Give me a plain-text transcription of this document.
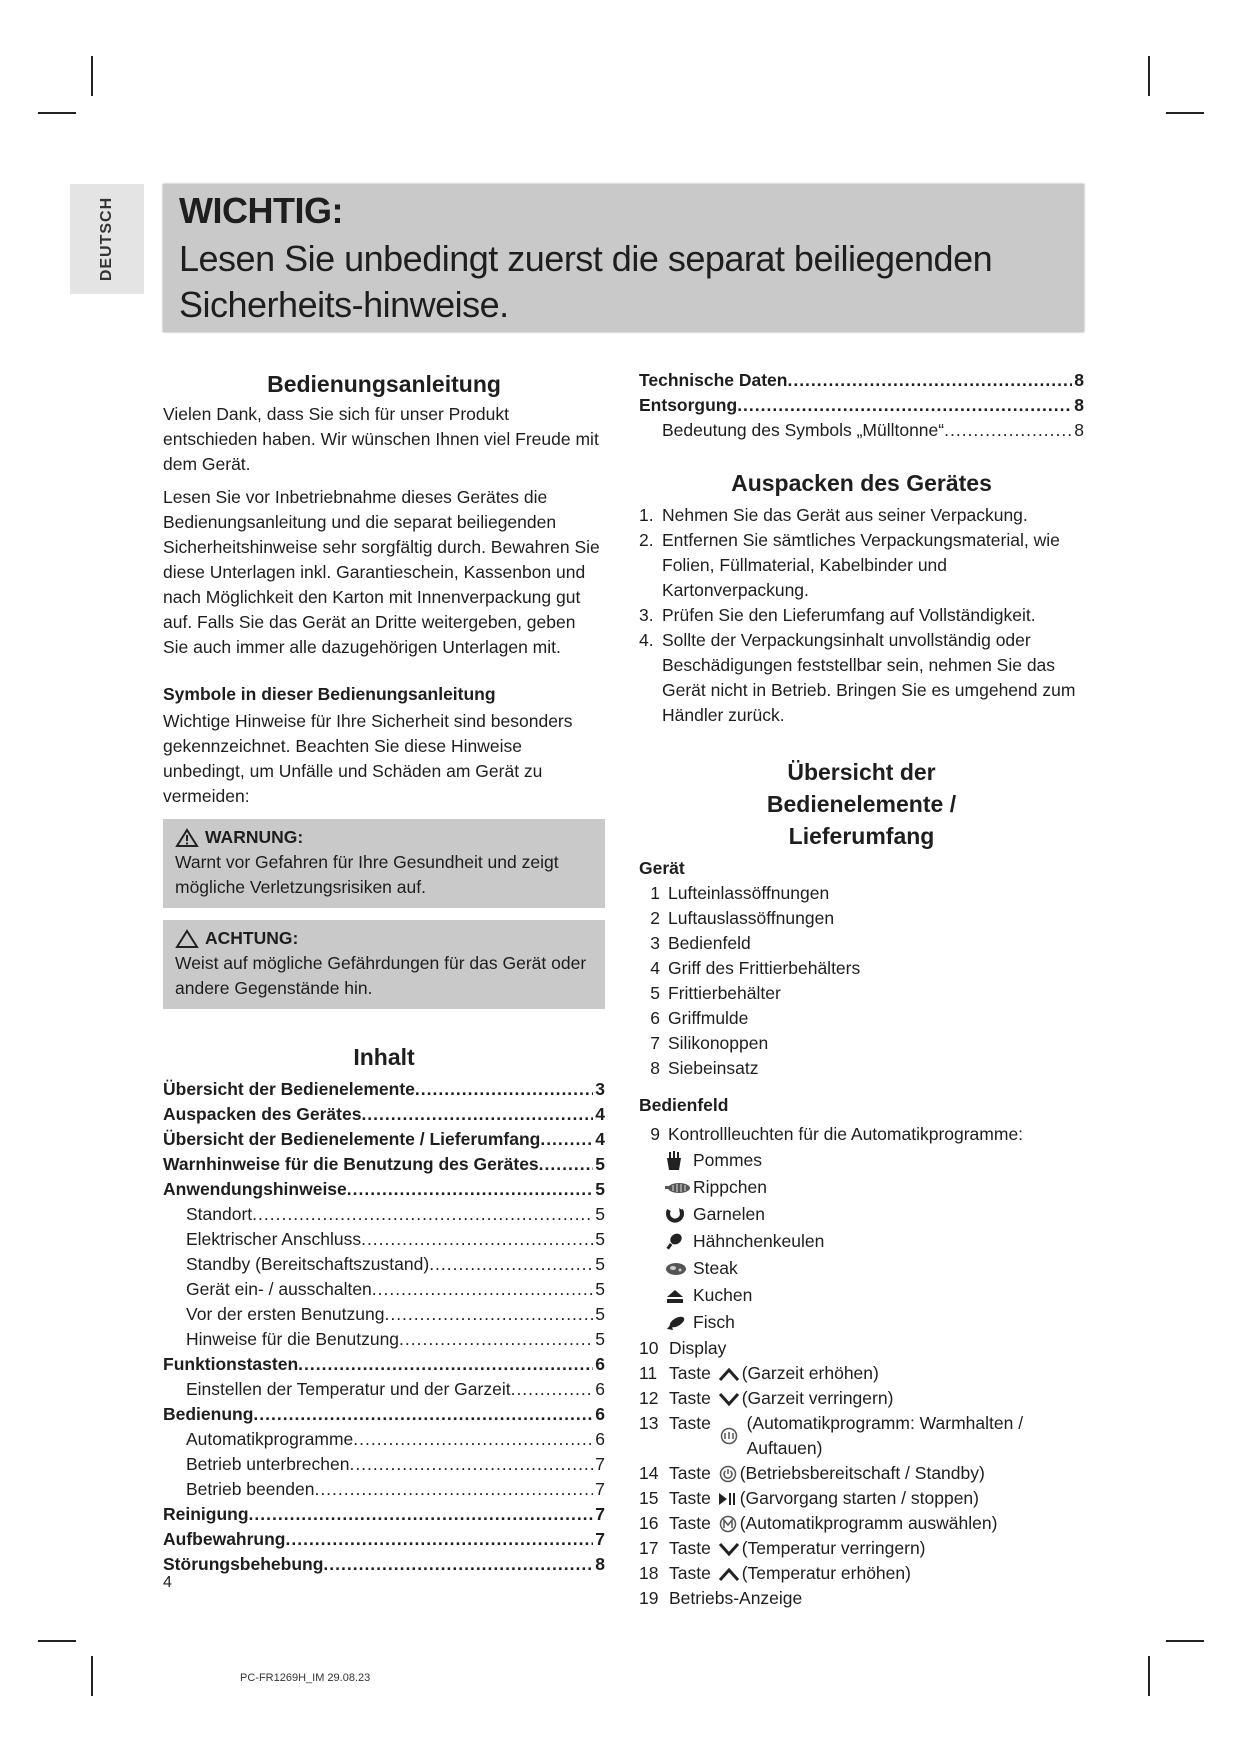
DEUTSCH WICHTIG:
Lesen Sie unbedingt zuerst die separat beiliegenden Sicherheits-hinweise.
Bedienungsanleitung

Vielen Dank, dass Sie sich für unser Produkt entschieden haben. Wir wünschen Ihnen viel Freude mit dem Gerät.

Lesen Sie vor Inbetriebnahme dieses Gerätes die Bedienungsanleitung und die separat beiliegenden Sicherheitshinweise sehr sorgfältig durch. Bewahren Sie diese Unterlagen inkl. Garantieschein, Kassenbon und nach Möglichkeit den Karton mit Innenverpackung gut auf. Falls Sie das Gerät an Dritte weitergeben, geben Sie auch immer alle dazugehörigen Unterlagen mit.

Symbole in dieser Bedienungsanleitung

Wichtige Hinweise für Ihre Sicherheit sind besonders gekennzeichnet. Beachten Sie diese Hinweise unbedingt, um Unfälle und Schäden am Gerät zu vermeiden:

WARNUNG:

Warnt vor Gefahren für Ihre Gesundheit und zeigt mögliche Verletzungsrisiken auf.

ACHTUNG:

Weist auf mögliche Gefährdungen für das Gerät oder andere Gegenstände hin.

Inhalt
Übersicht der Bedienelemente .....	3
Auspacken des Gerätes .....	4
Übersicht der Bedienelemente / Lieferumfang .....	4
Warnhinweise für die Benutzung des Gerätes .....	5
Anwendungshinweise .....	5
Standort .....	5
Elektrischer Anschluss .....	5
Standby (Bereitschaftszustand) .....	5
Gerät ein- / ausschalten .....	5
Vor der ersten Benutzung .....	5
Hinweise für die Benutzung .....	5
Funktionstasten .....	6
Einstellen der Temperatur und der Garzeit .....	6
Bedienung .....	6
Automatikprogramme .....	6
Betrieb unterbrechen .....	7
Betrieb beenden .....	7
Reinigung .....	7
Aufbewahrung .....	7
Störungsbehebung .....	8
Technische Daten .....	8
Entsorgung .....	8
Bedeutung des Symbols „Mülltonne“ .....	8
Auspacken des Gerätes
1. Nehmen Sie das Gerät aus seiner Verpackung.
2. Entfernen Sie sämtliches Verpackungsmaterial, wie Folien, Füllmaterial, Kabelbinder und Kartonverpackung.
3. Prüfen Sie den Lieferumfang auf Vollständigkeit.
4. Sollte der Verpackungsinhalt unvollständig oder Beschädigungen feststellbar sein, nehmen Sie das Gerät nicht in Betrieb. Bringen Sie es umgehend zum Händler zurück.
Übersicht der Bedienelemente / Lieferumfang

Gerät

1 Lufteinlassöffnungen
2 Luftauslassöffnungen
3 Bedienfeld
4 Griff des Frittierbehälters
5 Frittierbehälter
6 Griffmulde
7 Silikonoppen
8 Siebeinsatz

Bedienfeld

9 Kontrollleuchten für die Automatikprogramme:
Pommes
Rippchen
Garnelen
Hähnchenkeulen
Steak
Kuchen
Fisch
10 Display
11 Taste
(Garzeit erhöhen)
12 Taste
(Garzeit verringern)
13 Taste

(Automatikprogramm: Warmhalten / Auftauen)
14 Taste
(Betriebsbereitschaft / Standby)
15 Taste
(Garvorgang starten / stoppen)
16 Taste
(Automatikprogramm auswählen)
17 Taste
(Temperatur verringern)
18 Taste
(Temperatur erhöhen)
19 Betriebs-Anzeige
4
PC-FR1269H_IM 29.08.23
